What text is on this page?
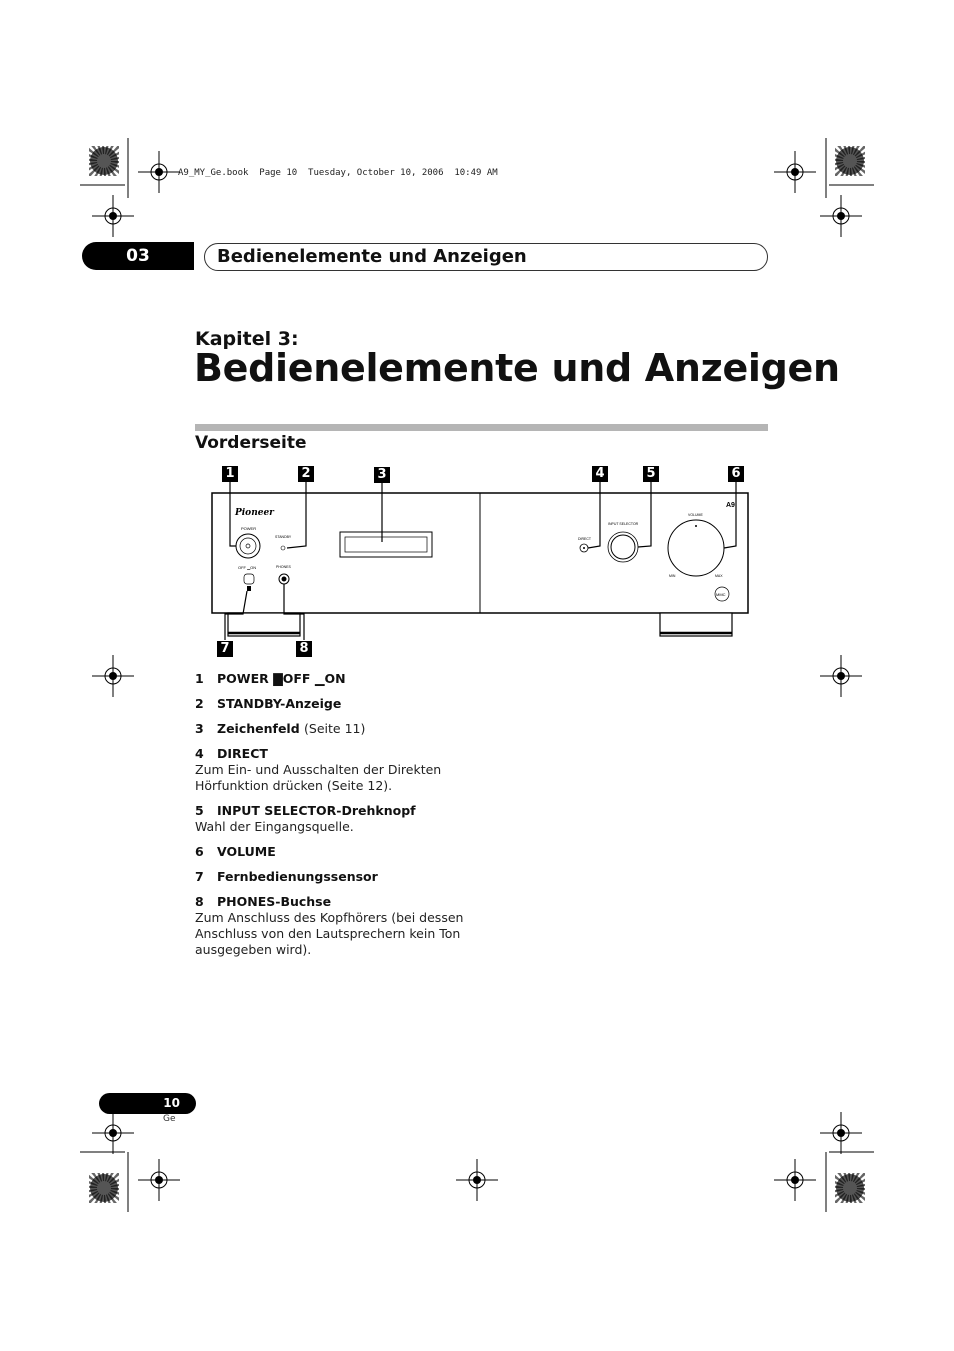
A9_MY_Ge.book  Page 10  Tuesday, October 10, 2006  10:49 AM
03	Bedienelemente und Anzeigen
Kapitel 3:
Bedienelemente und Anzeigen
Vorderseite
Pioneer
A9
POWER
OFF ▁ON
STANDBY
PHONES
DIRECT
INPUT SELECTOR
VOLUME
MIN	MAX
MMC
1	2	3	4	5	6
7	8
1 POWER ▇OFF ▁ON
2 STANDBY-Anzeige
3 Zeichenfeld (Seite 11)
4 DIRECT
Zum Ein- und Ausschalten der Direkten Hörfunktion drücken (Seite 12).
5 INPUT SELECTOR-Drehknopf
Wahl der Eingangsquelle.
6 VOLUME
7 Fernbedienungssensor
8 PHONES-Buchse
Zum Anschluss des Kopfhörers (bei dessen Anschluss von den Lautsprechern kein Ton ausgegeben wird).
10
Ge
